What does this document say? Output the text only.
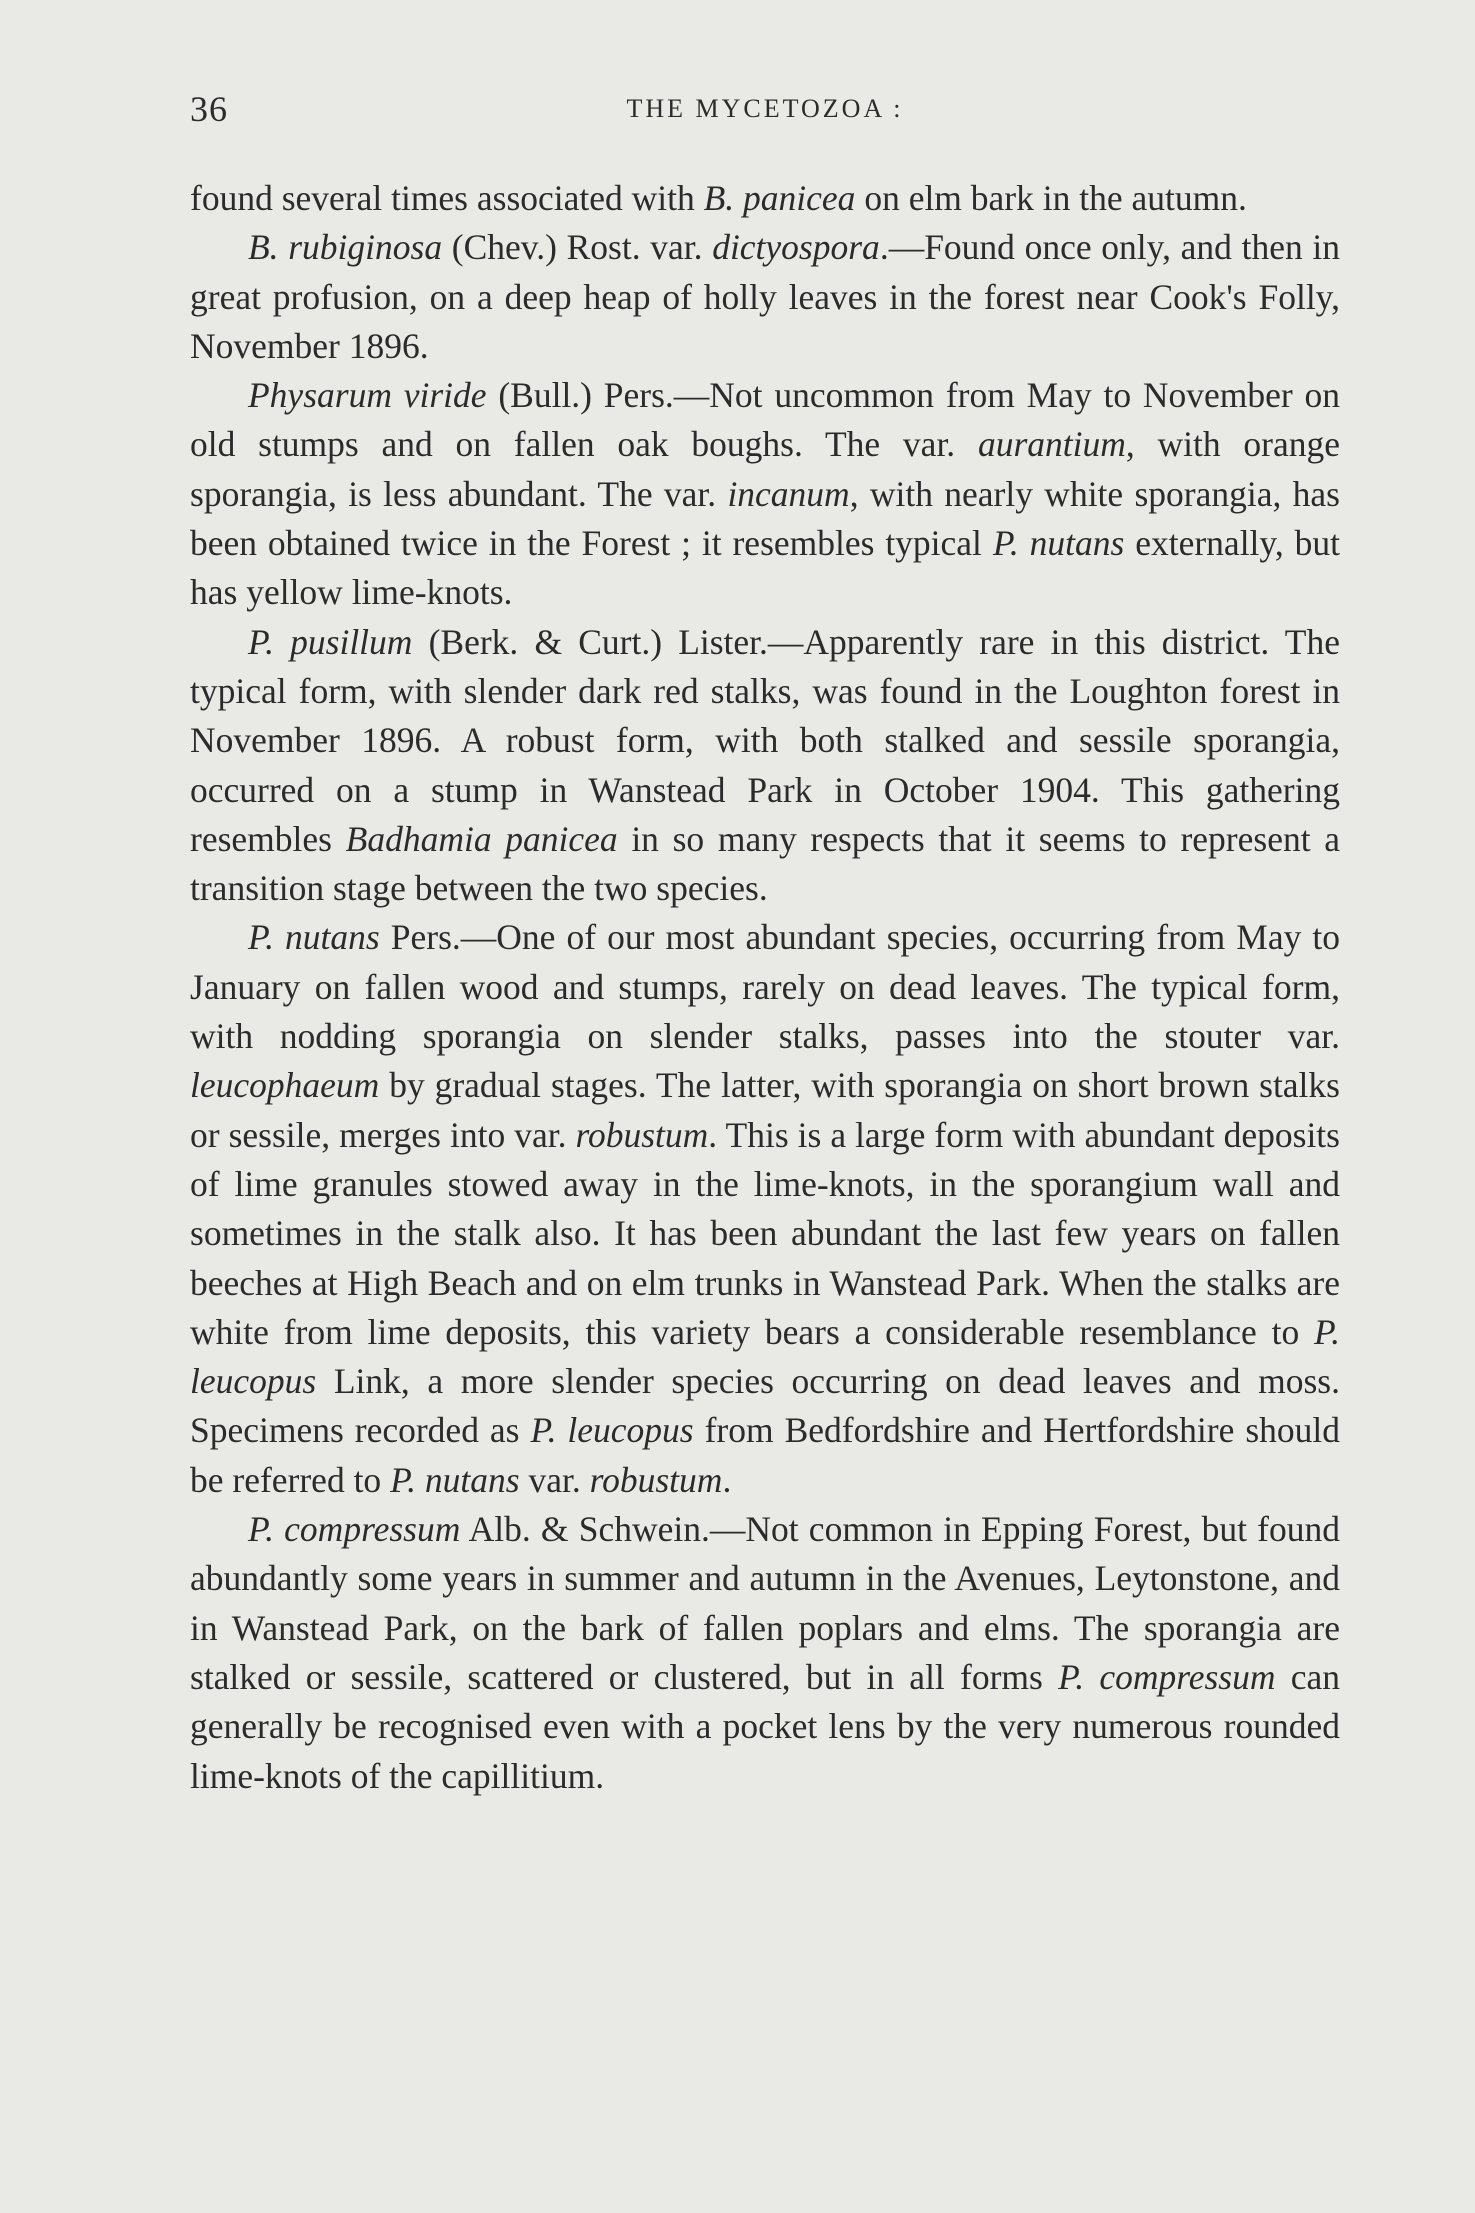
36	THE MYCETOZOA :

found several times associated with B. panicea on elm bark in the autumn.

B. rubiginosa (Chev.) Rost. var. dictyospora.—Found once only, and then in great profusion, on a deep heap of holly leaves in the forest near Cook's Folly, November 1896.

Physarum viride (Bull.) Pers.—Not uncommon from May to November on old stumps and on fallen oak boughs. The var. aurantium, with orange sporangia, is less abundant. The var. incanum, with nearly white sporangia, has been obtained twice in the Forest ; it resembles typical P. nutans externally, but has yellow lime-knots.

P. pusillum (Berk. & Curt.) Lister.—Apparently rare in this district. The typical form, with slender dark red stalks, was found in the Loughton forest in November 1896. A robust form, with both stalked and sessile sporangia, occurred on a stump in Wanstead Park in October 1904. This gathering resembles Badhamia panicea in so many respects that it seems to represent a transition stage between the two species.

P. nutans Pers.—One of our most abundant species, occurring from May to January on fallen wood and stumps, rarely on dead leaves. The typical form, with nodding sporangia on slender stalks, passes into the stouter var. leucophaeum by gradual stages. The latter, with sporangia on short brown stalks or sessile, merges into var. robustum. This is a large form with abundant deposits of lime granules stowed away in the lime-knots, in the sporangium wall and sometimes in the stalk also. It has been abundant the last few years on fallen beeches at High Beach and on elm trunks in Wanstead Park. When the stalks are white from lime deposits, this variety bears a considerable resemblance to P. leucopus Link, a more slender species occurring on dead leaves and moss. Specimens recorded as P. leucopus from Bedfordshire and Hertfordshire should be referred to P. nutans var. robustum.

P. compressum Alb. & Schwein.—Not common in Epping Forest, but found abundantly some years in summer and autumn in the Avenues, Leytonstone, and in Wanstead Park, on the bark of fallen poplars and elms. The sporangia are stalked or sessile, scattered or clustered, but in all forms P. compressum can generally be recognised even with a pocket lens by the very numerous rounded lime-knots of the capillitium.
